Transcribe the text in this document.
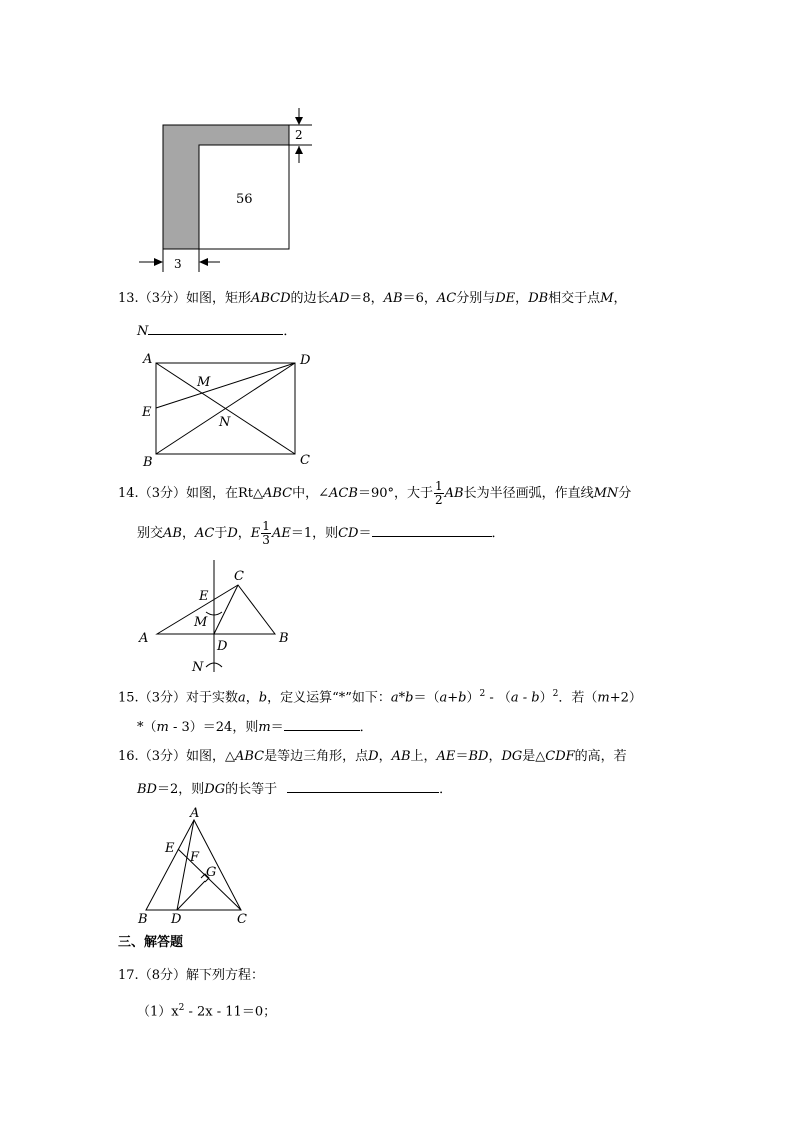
56
2
3
13.（3分）如图，矩形ABCD的边长AD＝8，AB＝6，AC分别与DE，DB相交于点M，
N	．
A	D
E
M
N
B	C
14.（3分）如图，在Rt△ABC中，∠ACB＝90°，大于 $\frac{1}{2}$ AB长为半径画弧，作直线MN分
别交AB，AC于D，E $\frac{1}{3} AE=1$，则CD＝	．
C
E
M
A
D
B
N
15.（3分）对于实数a，b，定义运算“*”如下：$a*b=(a+b)^2 - (a - b)^2$．若（m+2）
*（m - 3）＝24，则m＝	．
16.（3分）如图，△ABC是等边三角形，点D，AB上，AE＝BD，DG是△CDF的高，若
BD＝2，则DG的长等于	．
A
E
F
G
B D	C
三、解答题
17.（8分）解下列方程：
$(1)x^2 - 2x - 11=0$；
